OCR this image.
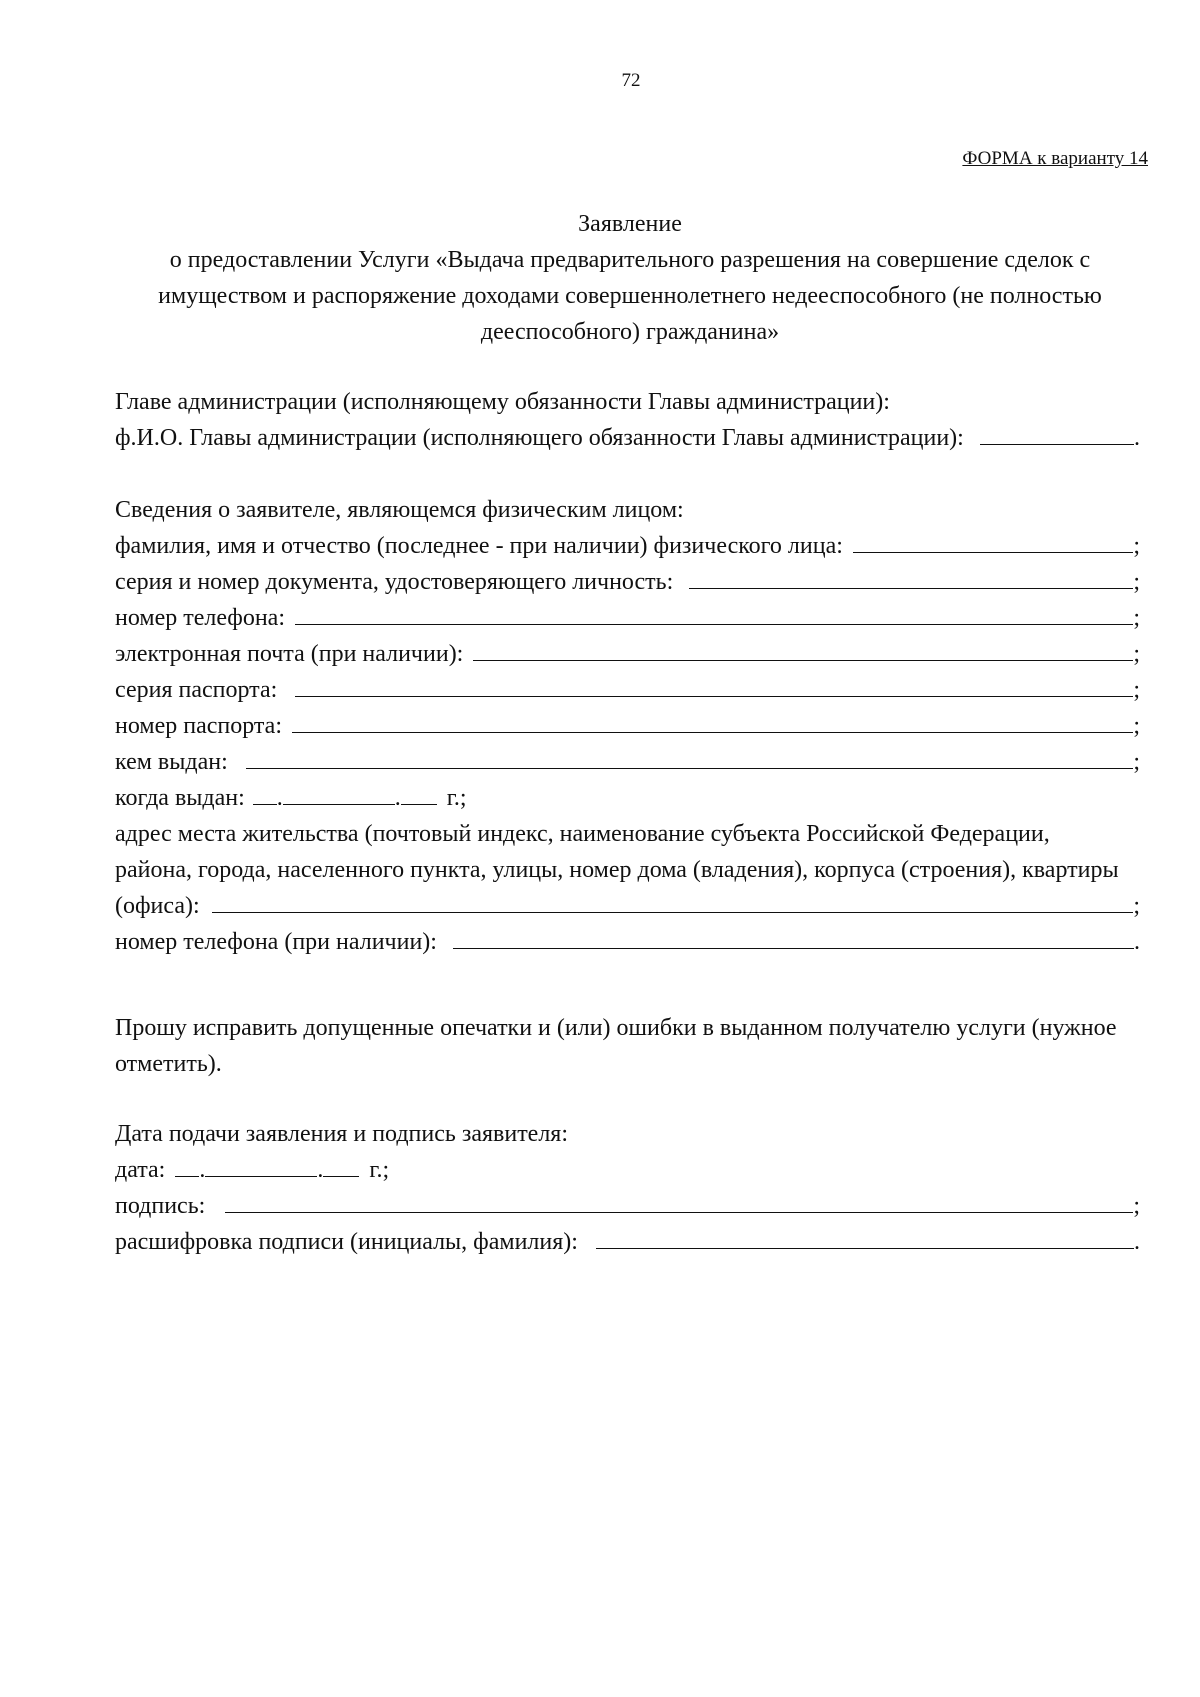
72
ФОРМА к варианту 14
Заявление
о предоставлении Услуги «Выдача предварительного разрешения на совершение сделок с
имуществом и распоряжение доходами совершеннолетнего недееспособного (не полностью
дееспособного) гражданина»
Главе администрации (исполняющему обязанности Главы администрации):
ф.И.О. Главы администрации (исполняющего обязанности Главы администрации):	.
Сведения о заявителе, являющемся физическим лицом:
фамилия, имя и отчество (последнее - при наличии) физического лица:	;
серия и номер документа, удостоверяющего личность:	;
номер телефона:	;
электронная почта (при наличии):	;
серия паспорта:	;
номер паспорта:	;
кем выдан:	;
когда выдан: .	. г.;
адрес места жительства (почтовый индекс, наименование субъекта Российской Федерации,
района, города, населенного пункта, улицы, номер дома (владения), корпуса (строения), квартиры
(офиса):	;
номер телефона (при наличии):	.
Прошу исправить допущенные опечатки и (или) ошибки в выданном получателю услуги (нужное
отметить).
Дата подачи заявления и подпись заявителя:
дата: .	. г.;
подпись:	;
расшифровка подписи (инициалы, фамилия):	.
